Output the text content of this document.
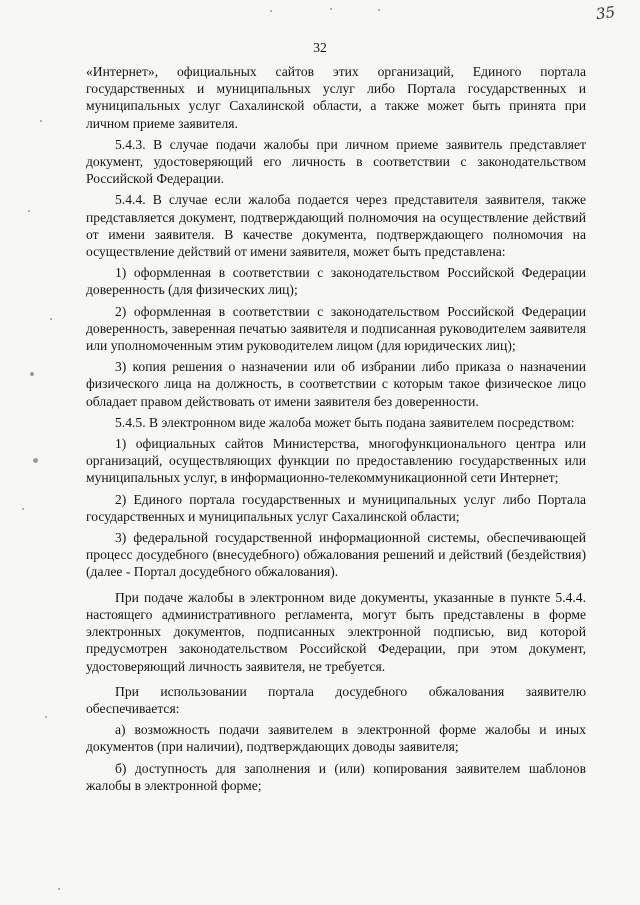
35
32

«Интернет», официальных сайтов этих организаций, Единого портала государственных и муниципальных услуг либо Портала государственных и муниципальных услуг Сахалинской области, а также может быть принята при личном приеме заявителя.

5.4.3. В случае подачи жалобы при личном приеме заявитель представляет документ, удостоверяющий его личность в соответствии с законодательством Российской Федерации.

5.4.4. В случае если жалоба подается через представителя заявителя, также представляется документ, подтверждающий полномочия на осуществление действий от имени заявителя. В качестве документа, подтверждающего полномочия на осуществление действий от имени заявителя, может быть представлена:

1) оформленная в соответствии с законодательством Российской Федерации доверенность (для физических лиц);

2) оформленная в соответствии с законодательством Российской Федерации доверенность, заверенная печатью заявителя и подписанная руководителем заявителя или уполномоченным этим руководителем лицом (для юридических лиц);

3) копия решения о назначении или об избрании либо приказа о назначении физического лица на должность, в соответствии с которым такое физическое лицо обладает правом действовать от имени заявителя без доверенности.

5.4.5. В электронном виде жалоба может быть подана заявителем посредством:

1) официальных сайтов Министерства, многофункционального центра или организаций, осуществляющих функции по предоставлению государственных или муниципальных услуг, в информационно-телекоммуникационной сети Интернет;

2) Единого портала государственных и муниципальных услуг либо Портала государственных и муниципальных услуг Сахалинской области;

3) федеральной государственной информационной системы, обеспечивающей процесс досудебного (внесудебного) обжалования решений и действий (бездействия) (далее - Портал досудебного обжалования).

При подаче жалобы в электронном виде документы, указанные в пункте 5.4.4. настоящего административного регламента, могут быть представлены в форме электронных документов, подписанных электронной подписью, вид которой предусмотрен законодательством Российской Федерации, при этом документ, удостоверяющий личность заявителя, не требуется.

При использовании портала досудебного обжалования заявителю обеспечивается:

а) возможность подачи заявителем в электронной форме жалобы и иных документов (при наличии), подтверждающих доводы заявителя;

б) доступность для заполнения и (или) копирования заявителем шаблонов жалобы в электронной форме;
